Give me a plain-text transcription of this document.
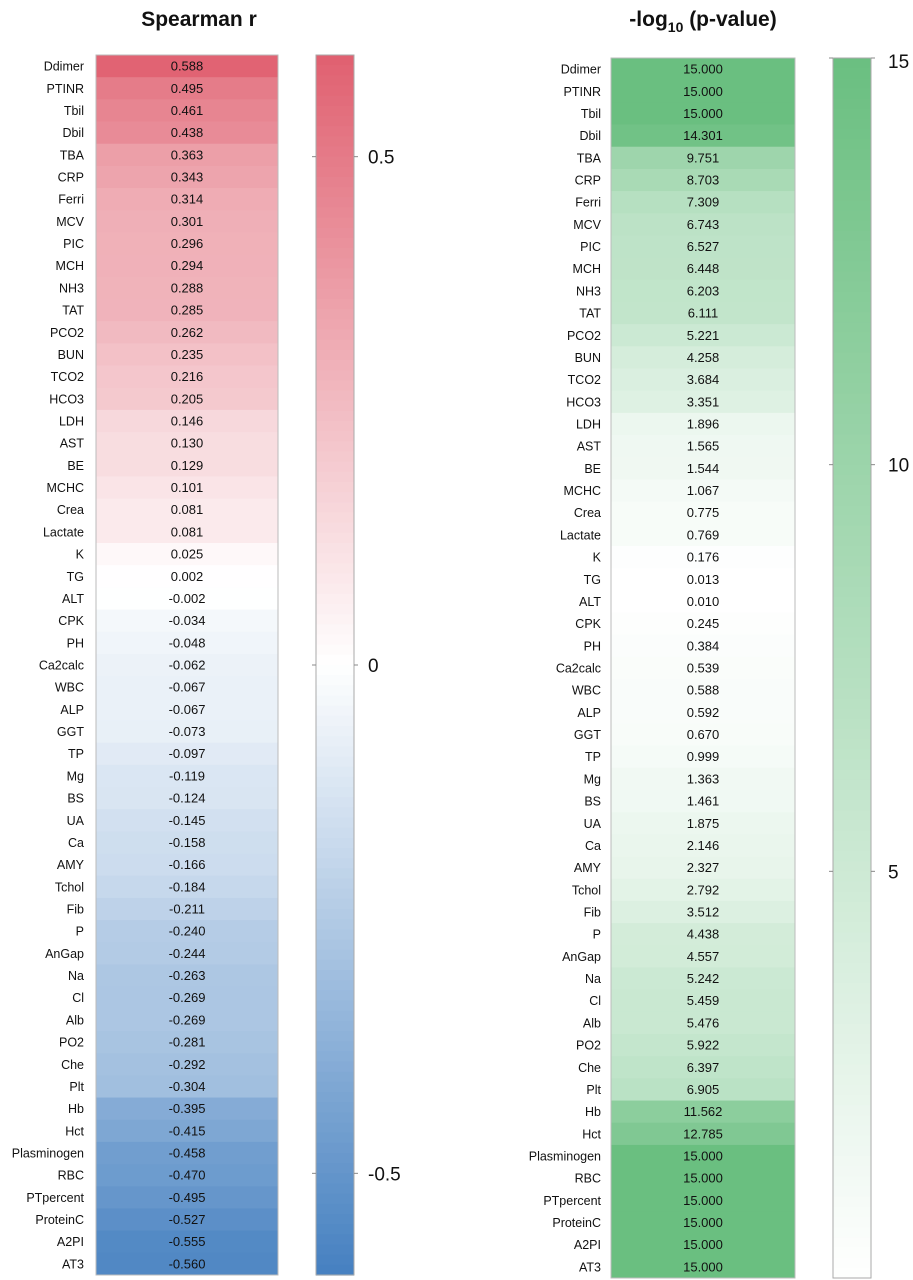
Spearman r
Ddimer	0.588
PTINR	0.495
Tbil	0.461
Dbil	0.438
TBA	0.363
CRP	0.343
Ferri	0.314
MCV	0.301
PIC	0.296
MCH	0.294
NH3	0.288
TAT	0.285
PCO2	0.262
BUN	0.235
TCO2	0.216
HCO3	0.205
LDH	0.146
AST	0.130
BE	0.129
MCHC	0.101
Crea	0.081
Lactate	0.081
K	0.025
TG	0.002
ALT	-0.002
CPK	-0.034
PH	-0.048
Ca2calc	-0.062
WBC	-0.067
ALP	-0.067
GGT	-0.073
TP	-0.097
Mg	-0.119
BS	-0.124
UA	-0.145
Ca	-0.158
AMY	-0.166
Tchol	-0.184
Fib	-0.211
P	-0.240
AnGap	-0.244
Na	-0.263
Cl	-0.269
Alb	-0.269
PO2	-0.281
Che	-0.292
Plt	-0.304
Hb	-0.395
Hct	-0.415
Plasminogen	-0.458
RBC	-0.470
PTpercent	-0.495
ProteinC	-0.527
A2PI	-0.555
AT3	-0.560
0.5
0
-0.5
$-\log_{10}$ (p-value)
Ddimer	15.000
PTINR	15.000
Tbil	15.000
Dbil	14.301
TBA	9.751
CRP	8.703
Ferri	7.309
MCV	6.743
PIC	6.527
MCH	6.448
NH3	6.203
TAT	6.111
PCO2	5.221
BUN	4.258
TCO2	3.684
HCO3	3.351
LDH	1.896
AST	1.565
BE	1.544
MCHC	1.067
Crea	0.775
Lactate	0.769
K	0.176
TG	0.013
ALT	0.010
CPK	0.245
PH	0.384
Ca2calc	0.539
WBC	0.588
ALP	0.592
GGT	0.670
TP	0.999
Mg	1.363
BS	1.461
UA	1.875
Ca	2.146
AMY	2.327
Tchol	2.792
Fib	3.512
P	4.438
AnGap	4.557
Na	5.242
Cl	5.459
Alb	5.476
PO2	5.922
Che	6.397
Plt	6.905
Hb	11.562
Hct	12.785
Plasminogen	15.000
RBC	15.000
PTpercent	15.000
ProteinC	15.000
A2PI	15.000
AT3	15.000
15
10
5
